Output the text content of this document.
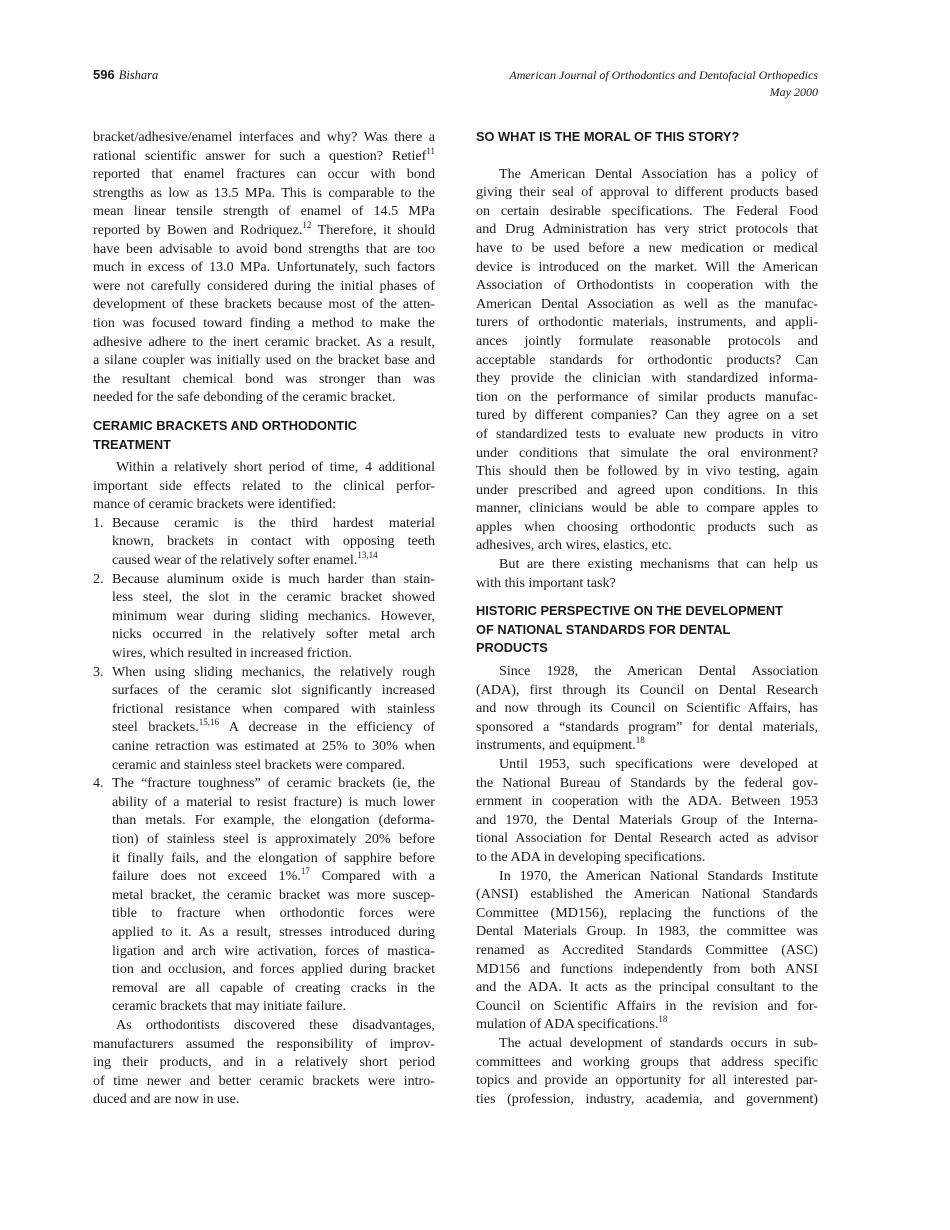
596 Bishara	American Journal of Orthodontics and Dentofacial Orthopedics
May 2000
bracket/adhesive/enamel interfaces and why? Was there a
rational scientific answer for such a question? Retief$^{11}$
reported that enamel fractures can occur with bond
strengths as low as 13.5 MPa. This is comparable to the
mean linear tensile strength of enamel of 14.5 MPa
reported by Bowen and Rodriquez.$^{12}$ Therefore, it should
have been advisable to avoid bond strengths that are too
much in excess of 13.0 MPa. Unfortunately, such factors
were not carefully considered during the initial phases of
development of these brackets because most of the atten-
tion was focused toward finding a method to make the
adhesive adhere to the inert ceramic bracket. As a result,
a silane coupler was initially used on the bracket base and
the resultant chemical bond was stronger than was
needed for the safe debonding of the ceramic bracket.
CERAMIC BRACKETS AND ORTHODONTIC
TREATMENT
Within a relatively short period of time, 4 additional
important side effects related to the clinical perfor-
mance of ceramic brackets were identified:
1. Because ceramic is the third hardest material
known, brackets in contact with opposing teeth
caused wear of the relatively softer enamel.$^{13,14}$
2. Because aluminum oxide is much harder than stain-
less steel, the slot in the ceramic bracket showed
minimum wear during sliding mechanics. However,
nicks occurred in the relatively softer metal arch
wires, which resulted in increased friction.
3. When using sliding mechanics, the relatively rough
surfaces of the ceramic slot significantly increased
frictional resistance when compared with stainless
steel brackets.$^{15,16}$ A decrease in the efficiency of
canine retraction was estimated at 25% to 30% when
ceramic and stainless steel brackets were compared.
4. The “fracture toughness” of ceramic brackets (ie, the
ability of a material to resist fracture) is much lower
than metals. For example, the elongation (deforma-
tion) of stainless steel is approximately 20% before
it finally fails, and the elongation of sapphire before
failure does not exceed 1%.$^{17}$ Compared with a
metal bracket, the ceramic bracket was more suscep-
tible to fracture when orthodontic forces were
applied to it. As a result, stresses introduced during
ligation and arch wire activation, forces of mastica-
tion and occlusion, and forces applied during bracket
removal are all capable of creating cracks in the
ceramic brackets that may initiate failure.
As orthodontists discovered these disadvantages,
manufacturers assumed the responsibility of improv-
ing their products, and in a relatively short period
of time newer and better ceramic brackets were intro-
duced and are now in use.
SO WHAT IS THE MORAL OF THIS STORY?
The American Dental Association has a policy of
giving their seal of approval to different products based
on certain desirable specifications. The Federal Food
and Drug Administration has very strict protocols that
have to be used before a new medication or medical
device is introduced on the market. Will the American
Association of Orthodontists in cooperation with the
American Dental Association as well as the manufac-
turers of orthodontic materials, instruments, and appli-
ances jointly formulate reasonable protocols and
acceptable standards for orthodontic products? Can
they provide the clinician with standardized informa-
tion on the performance of similar products manufac-
tured by different companies? Can they agree on a set
of standardized tests to evaluate new products in vitro
under conditions that simulate the oral environment?
This should then be followed by in vivo testing, again
under prescribed and agreed upon conditions. In this
manner, clinicians would be able to compare apples to
apples when choosing orthodontic products such as
adhesives, arch wires, elastics, etc.
But are there existing mechanisms that can help us
with this important task?
HISTORIC PERSPECTIVE ON THE DEVELOPMENT
OF NATIONAL STANDARDS FOR DENTAL
PRODUCTS
Since 1928, the American Dental Association
(ADA), first through its Council on Dental Research
and now through its Council on Scientific Affairs, has
sponsored a “standards program” for dental materials,
instruments, and equipment.$^{18}$
Until 1953, such specifications were developed at
the National Bureau of Standards by the federal gov-
ernment in cooperation with the ADA. Between 1953
and 1970, the Dental Materials Group of the Interna-
tional Association for Dental Research acted as advisor
to the ADA in developing specifications.
In 1970, the American National Standards Institute
(ANSI) established the American National Standards
Committee (MD156), replacing the functions of the
Dental Materials Group. In 1983, the committee was
renamed as Accredited Standards Committee (ASC)
MD156 and functions independently from both ANSI
and the ADA. It acts as the principal consultant to the
Council on Scientific Affairs in the revision and for-
mulation of ADA specifications.$^{18}$
The actual development of standards occurs in sub-
committees and working groups that address specific
topics and provide an opportunity for all interested par-
ties (profession, industry, academia, and government)
